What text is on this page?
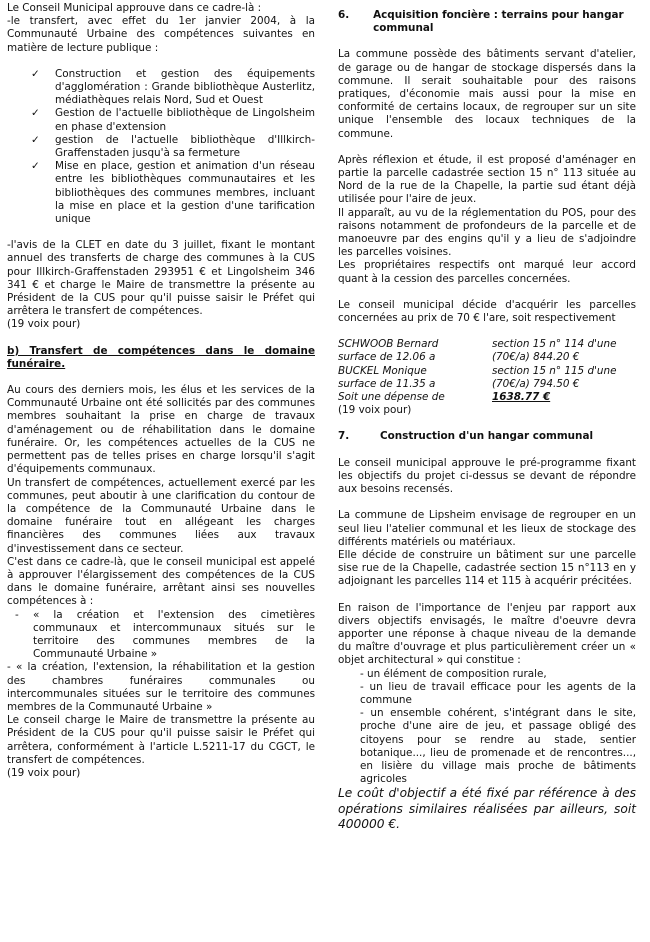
Le Conseil Municipal approuve dans ce cadre-là :

-le transfert, avec effet du 1er janvier 2004, à la Communauté Urbaine des compétences suivantes en matière de lecture publique :

✓ Construction et gestion des équipements d'agglomération : Grande bibliothèque Austerlitz, médiathèques relais Nord, Sud et Ouest
✓ Gestion de l'actuelle bibliothèque de Lingolsheim en phase d'extension
✓ gestion de l'actuelle bibliothèque d'Illkirch-Graffenstaden jusqu'à sa fermeture
✓ Mise en place, gestion et animation d'un réseau entre les bibliothèques communautaires et les bibliothèques des communes membres, incluant la mise en place et la gestion d'une tarification unique

-l'avis de la CLET en date du 3 juillet, fixant le montant annuel des transferts de charge des communes à la CUS pour Illkirch-Graffenstaden 293951 € et Lingolsheim 346 341 € et charge le Maire de transmettre la présente au Président de la CUS pour qu'il puisse saisir le Préfet qui arrêtera le transfert de compétences.

(19 voix pour)

b) Transfert de compétences dans le domaine funéraire.

Au cours des derniers mois, les élus et les services de la Communauté Urbaine ont été sollicités par des communes membres souhaitant la prise en charge de travaux d'aménagement ou de réhabilitation dans le domaine funéraire. Or, les compétences actuelles de la CUS ne permettent pas de telles prises en charge lorsqu'il s'agit d'équipements communaux.

Un transfert de compétences, actuellement exercé par les communes, peut aboutir à une clarification du contour de la compétence de la Communauté Urbaine dans le domaine funéraire tout en allégeant les charges financières des communes liées aux travaux d'investissement dans ce secteur.

C'est dans ce cadre-là, que le conseil municipal est appelé à approuver l'élargissement des compétences de la CUS dans le domaine funéraire, arrêtant ainsi ses nouvelles compétences à :

- « la création et l'extension des cimetières communaux et intercommunaux situés sur le territoire des communes membres de la Communauté Urbaine »

- « la création, l'extension, la réhabilitation et la gestion des chambres funéraires communales ou intercommunales situées sur le territoire des communes membres de la Communauté Urbaine »

Le conseil charge le Maire de transmettre la présente au Président de la CUS pour qu'il puisse saisir le Préfet qui arrêtera, conformément à l'article L.5211-17 du CGCT, le transfert de compétences.

(19 voix pour)

6.	Acquisition foncière : terrains pour hangar communal

La commune possède des bâtiments servant d'atelier, de garage ou de hangar de stockage dispersés dans la commune. Il serait souhaitable pour des raisons pratiques, d'économie mais aussi pour la mise en conformité de certains locaux, de regrouper sur un site unique l'ensemble des locaux techniques de la commune.

Après réflexion et étude, il est proposé d'aménager en partie la parcelle cadastrée section 15 n° 113 située au Nord de la rue de la Chapelle, la partie sud étant déjà utilisée pour l'aire de jeux.

Il apparaît, au vu de la réglementation du POS, pour des raisons notamment de profondeurs de la parcelle et de manoeuvre par des engins qu'il y a lieu de s'adjoindre les parcelles voisines.

Les propriétaires respectifs ont marqué leur accord quant à la cession des parcelles concernées.

Le conseil municipal décide d'acquérir les parcelles concernées au prix de 70 € l'are, soit respectivement

SCHWOOB Bernard	section 15 n° 114 d'une
surface de 12.06 a	(70€/a) 844.20 €
BUCKEL Monique	section 15 n° 115 d'une
surface de 11.35 a	(70€/a) 794.50 €
Soit une dépense de	1638.77 €

(19 voix pour)

7.	Construction d'un hangar communal

Le conseil municipal approuve le pré-programme fixant les objectifs du projet ci-dessus se devant de répondre aux besoins recensés.

La commune de Lipsheim envisage de regrouper en un seul lieu l'atelier communal et les lieux de stockage des différents matériels ou matériaux.

Elle décide de construire un bâtiment sur une parcelle sise rue de la Chapelle, cadastrée section 15 n°113 en y adjoignant les parcelles 114 et 115 à acquérir précitées.

En raison de l'importance de l'enjeu par rapport aux divers objectifs envisagés, le maître d'oeuvre devra apporter une réponse à chaque niveau de la demande du maître d'ouvrage et plus particulièrement créer un « objet architectural » qui constitue :

- un élément de composition rurale,
- un lieu de travail efficace pour les agents de la commune
- un ensemble cohérent, s'intégrant dans le site, proche d'une aire de jeu, et passage obligé des citoyens pour se rendre au stade, sentier botanique..., lieu de promenade et de rencontres..., en lisière du village mais proche de bâtiments agricoles

Le coût d'objectif a été fixé par référence à des opérations similaires réalisées par ailleurs, soit 400000 €.
